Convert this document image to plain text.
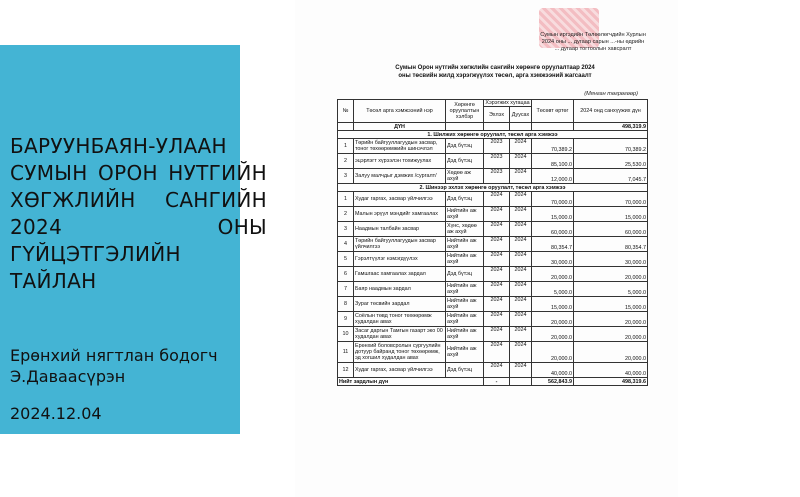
БАРУУНБАЯН-УЛААН СУМЫН ОРОН НУТГИЙН ХӨГЖЛИЙН САНГИЙН 2024 ОНЫ ГҮЙЦЭТГЭЛИЙН ТАЙЛАН
Ерөнхий нягтлан бодогч
Э.Даваасүрэн
2024.12.04
Сумын иргэдийн Төлөөлөгчдийн Хурлын
2024 оны ... дугаар сарын ...-ны өдрийн
... дугаар тогтоолын хавсралт
Сумын Орон нутгийн хөгжлийн сангийн хөрөнгө оруулалтаар 2024
оны төсвийн жилд хэрэгжүүлэх төсөл, арга хэмжээний жагсаалт
(Мянган төгрөгөөр)
№	Төсөл арга хэмжээний нэр	Хөрөнгө оруулалтын хэлбэр	Хэрэгжих хугацаа		Төсөвт өртөг	2024 онд санхүүжих дүн
			Эхлэх	Дуусах		
	ДҮН					498,319.9
1. Шилжих хөрөнгө оруулалт, төсөл арга хэмжээ						
1	Төрийн байгууллагуудын засвар, тоног төхөөрөмжийн шинэчлэл	Дэд бүтэц	2023	2024	70,389.2	70,389.2
2	эцэрлэгт хүрээлэн тохижуулах	Дэд бүтэц	2023	2024	85,100.0	25,530.0
3	Залуу малчдыг дэмжих /сургалт/	Хөдөө аж ахуй	2023	2024	12,000.0	7,045.7
2. Шинээр эхлэх хөрөнгө оруулалт, төсөл арга хэмжээ						
1	Худаг гаргах, засвар үйлчилгээ	Дэд бүтэц	2024	2024	70,000.0	70,000.0
2	Малын эрүүл мэндийг хамгаалах	Нийтийн аж ахуй	2024	2024	15,000.0	15,000.0
3	Наадмын талбайн засвар	Хүнс, хөдөө аж ахуй	2024	2024	60,000.0	60,000.0
4	Төрийн байгууллагуудын засвар үйлчилгээ	Нийтийн аж ахуй	2024	2024	80,354.7	80,354.7
5	Гэрэлтүүлэг нэмэгдүүлэх	Нийтийн аж ахуй	2024	2024	30,000.0	30,000.0
6	Гамшгаас хамгаалах зардал	Дэд бүтэц	2024	2024	20,000.0	20,000.0
7	Баяр наадмын зардал	Нийтийн аж ахуй	2024	2024	5,000.0	5,000.0
8	Зураг төсвийн зардал	Нийтийн аж ахуй	2024	2024	15,000.0	15,000.0
9	Соёлын төвд тоног төхөөрөмж худалдан авах	Нийтийн аж ахуй	2024	2024	20,000.0	20,000.0
10	Засаг даргын Тамгын газарт эко 00 худалдан авах	Нийтийн аж ахуй	2024	2024	20,000.0	20,000.0
11	Ерөнхий боловсролын сургуулийн дотуур байранд тоног төхөөрөмж, эд хогшил худалдан авах	Нийтийн аж ахуй	2024	2024	20,000.0	20,000.0
12	Худаг гаргах, засвар үйлчилгээ	Дэд бүтэц	2024	2024	40,000.0	40,000.0
Нийт зардлын дүн			-		562,843.9	498,319.6
